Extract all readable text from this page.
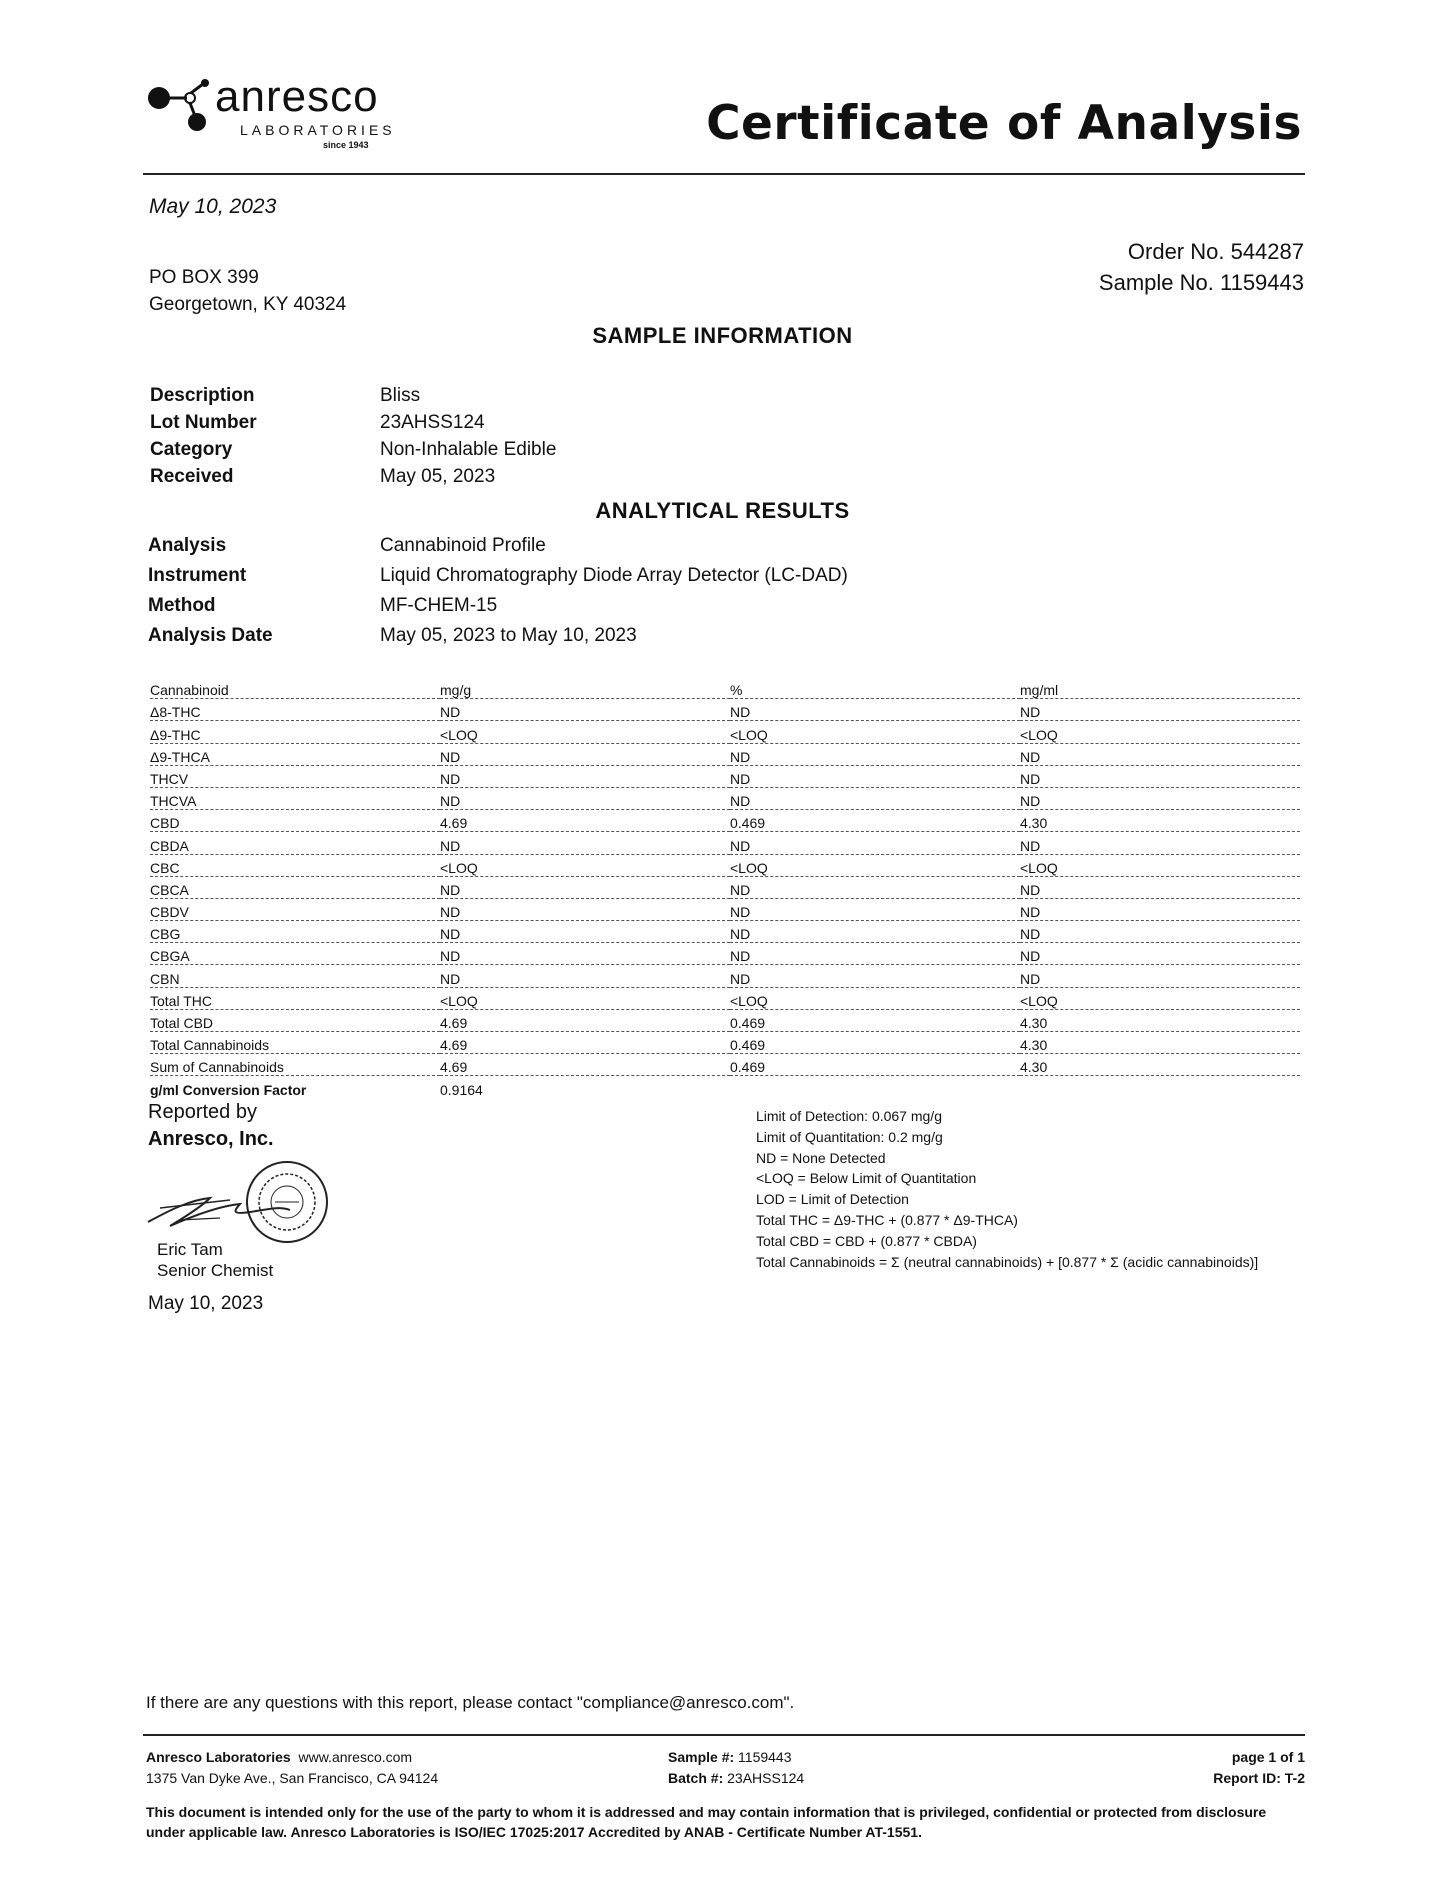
anresco
LABORATORIES
since 1943	Certificate of Analysis
May 10, 2023
Order No. 544287
Sample No. 1159443
PO BOX 399
Georgetown, KY 40324
SAMPLE INFORMATION
Description	Bliss
Lot Number	23AHSS124
Category	Non-Inhalable Edible
Received	May 05, 2023
ANALYTICAL RESULTS
Analysis	Cannabinoid Profile
Instrument	Liquid Chromatography Diode Array Detector (LC-DAD)
Method	MF-CHEM-15
Analysis Date	May 05, 2023 to May 10, 2023
Cannabinoid	mg/g	%	mg/ml
Δ8-THC	ND	ND	ND
Δ9-THC	<LOQ	<LOQ	<LOQ
Δ9-THCA	ND	ND	ND
THCV	ND	ND	ND
THCVA	ND	ND	ND
CBD	4.69	0.469	4.30
CBDA	ND	ND	ND
CBC	<LOQ	<LOQ	<LOQ
CBCA	ND	ND	ND
CBDV	ND	ND	ND
CBG	ND	ND	ND
CBGA	ND	ND	ND
CBN	ND	ND	ND
Total THC	<LOQ	<LOQ	<LOQ
Total CBD	4.69	0.469	4.30
Total Cannabinoids	4.69	0.469	4.30
Sum of Cannabinoids	4.69	0.469	4.30
g/ml Conversion Factor	0.9164		
Reported by
Anresco, Inc.
Eric Tam
Senior Chemist
May 10, 2023
Limit of Detection: 0.067 mg/g
Limit of Quantitation: 0.2 mg/g
ND = None Detected
<LOQ = Below Limit of Quantitation
LOD = Limit of Detection
Total THC = Δ9-THC + (0.877 * Δ9-THCA)
Total CBD = CBD + (0.877 * CBDA)
Total Cannabinoids = Σ (neutral cannabinoids) + [0.877 * Σ (acidic cannabinoids)]
If there are any questions with this report, please contact "compliance@anresco.com".
Anresco Laboratories www.anresco.com
1375 Van Dyke Ave., San Francisco, CA 94124
Sample #: 1159443
Batch #: 23AHSS124
page 1 of 1
Report ID: T-2
This document is intended only for the use of the party to whom it is addressed and may contain information that is privileged, confidential or protected from disclosure under applicable law. Anresco Laboratories is ISO/IEC 17025:2017 Accredited by ANAB - Certificate Number AT-1551.
